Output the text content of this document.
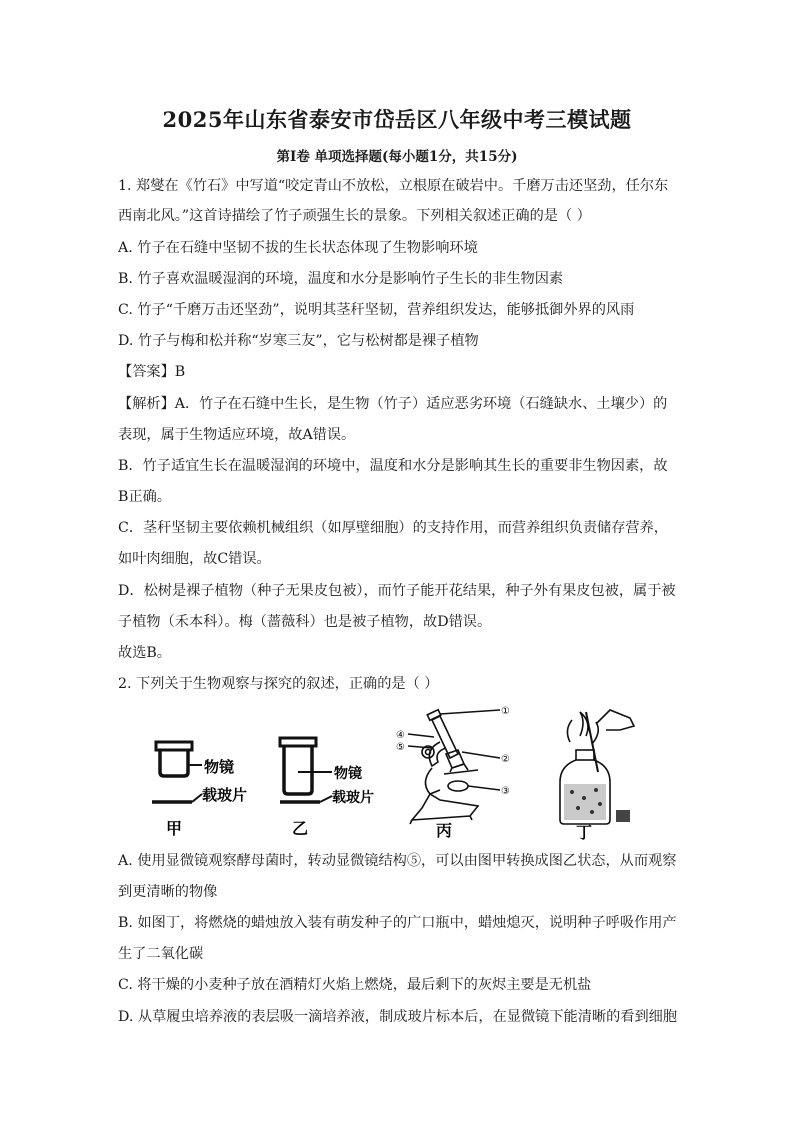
2025年山东省泰安市岱岳区八年级中考三模试题
第Ⅰ卷 单项选择题(每小题1分，共15分)
1. 郑燮在《竹石》中写道“咬定青山不放松，立根原在破岩中。千磨万击还坚劲，任尔东
西南北风。”这首诗描绘了竹子顽强生长的景象。下列相关叙述正确的是（ ）
A. 竹子在石缝中坚韧不拔的生长状态体现了生物影响环境
B. 竹子喜欢温暖湿润的环境，温度和水分是影响竹子生长的非生物因素
C. 竹子“千磨万击还坚劲”，说明其茎秆坚韧，营养组织发达，能够抵御外界的风雨
D. 竹子与梅和松并称“岁寒三友”，它与松树都是裸子植物
【答案】B
【解析】A．竹子在石缝中生长，是生物（竹子）适应恶劣环境（石缝缺水、土壤少）的
表现，属于生物适应环境，故A错误。
B．竹子适宜生长在温暖湿润的环境中，温度和水分是影响其生长的重要非生物因素，故
B正确。
C．茎秆坚韧主要依赖机械组织（如厚壁细胞）的支持作用，而营养组织负责储存营养，
如叶肉细胞，故C错误。
D．松树是裸子植物（种子无果皮包被），而竹子能开花结果，种子外有果皮包被，属于被
子植物（禾本科）。梅（蔷薇科）也是被子植物，故D错误。
故选B。
2. 下列关于生物观察与探究的叙述，正确的是（ ）
物镜
载玻片
甲
物镜
载玻片
乙
①
②
③
④
⑤
丙	丁
A. 使用显微镜观察酵母菌时，转动显微镜结构⑤，可以由图甲转换成图乙状态，从而观察
到更清晰的物像
B. 如图丁，将燃烧的蜡烛放入装有萌发种子的广口瓶中，蜡烛熄灭，说明种子呼吸作用产
生了二氧化碳
C. 将干燥的小麦种子放在酒精灯火焰上燃烧，最后剩下的灰烬主要是无机盐
D. 从草履虫培养液的表层吸一滴培养液，制成玻片标本后，在显微镜下能清晰的看到细胞
